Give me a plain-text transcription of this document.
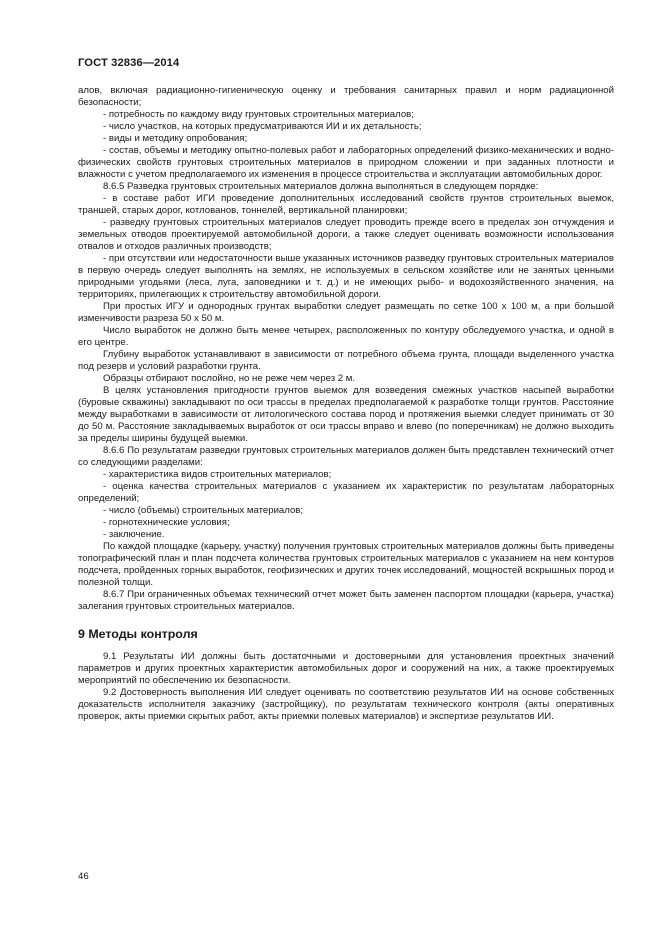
ГОСТ 32836—2014

алов, включая радиационно-гигиеническую оценку и требования санитарных правил и норм радиационной безопасности;

- потребность по каждому виду грунтовых строительных материалов;

- число участков, на которых предусматриваются ИИ и их детальность;

- виды и методику опробования;

- состав, объемы и методику опытно-полевых работ и лабораторных определений физико-механических и водно-физических свойств грунтовых строительных материалов в природном сложении и при заданных плотности и влажности с учетом предполагаемого их изменения в процессе строительства и эксплуатации автомобильных дорог.

8.6.5 Разведка грунтовых строительных материалов должна выполняться в следующем порядке:

- в составе работ ИГИ проведение дополнительных исследований свойств грунтов строительных выемок, траншей, старых дорог, котлованов, тоннелей, вертикальной планировки;

- разведку грунтовых строительных материалов следует проводить прежде всего в пределах зон отчуждения и земельных отводов проектируемой автомобильной дороги, а также следует оценивать возможности использования отвалов и отходов различных производств;

- при отсутствии или недостаточности выше указанных источников разведку грунтовых строительных материалов в первую очередь следует выполнять на землях, не используемых в сельском хозяйстве или не занятых ценными природными угодьями (леса, луга, заповедники и т. д.) и не имеющих рыбо- и водохозяйственного значения, на территориях, прилегающих к строительству автомобильной дороги.

При простых ИГУ и однородных грунтах выработки следует размещать по сетке 100 х 100 м, а при большой изменчивости разреза 50 х 50 м.

Число выработок не должно быть менее четырех, расположенных по контуру обследуемого участка, и одной в его центре.

Глубину выработок устанавливают в зависимости от потребного объема грунта, площади выделенного участка под резерв и условий разработки грунта.

Образцы отбирают послойно, но не реже чем через 2 м.

В целях установления пригодности грунтов выемок для возведения смежных участков насыпей выработки (буровые скважины) закладывают по оси трассы в пределах предполагаемой к разработке толщи грунтов. Расстояние между выработками в зависимости от литологического состава пород и протяжения выемки следует принимать от 30 до 50 м. Расстояние закладываемых выработок от оси трассы вправо и влево (по поперечникам) не должно выходить за пределы ширины будущей выемки.

8.6.6 По результатам разведки грунтовых строительных материалов должен быть представлен технический отчет со следующими разделами:

- характеристика видов строительных материалов;

- оценка качества строительных материалов с указанием их характеристик по результатам лабораторных определений;

- число (объемы) строительных материалов;

- горнотехнические условия;

- заключение.

По каждой площадке (карьеру, участку) получения грунтовых строительных материалов должны быть приведены топографический план и план подсчета количества грунтовых строительных материалов с указанием на нем контуров подсчета, пройденных горных выработок, геофизических и других точек исследований, мощностей вскрышных пород и полезной толщи.

8.6.7 При ограниченных объемах технический отчет может быть заменен паспортом площадки (карьера, участка) залегания грунтовых строительных материалов.

9 Методы контроля

9.1 Результаты ИИ должны быть достаточными и достоверными для установления проектных значений параметров и других проектных характеристик автомобильных дорог и сооружений на них, а также проектируемых мероприятий по обеспечению их безопасности.

9.2 Достоверность выполнения ИИ следует оценивать по соответствию результатов ИИ на основе собственных доказательств исполнителя заказчику (застройщику), по результатам технического контроля (акты оперативных проверок, акты приемки скрытых работ, акты приемки полевых материалов) и экспертизе результатов ИИ.

46
